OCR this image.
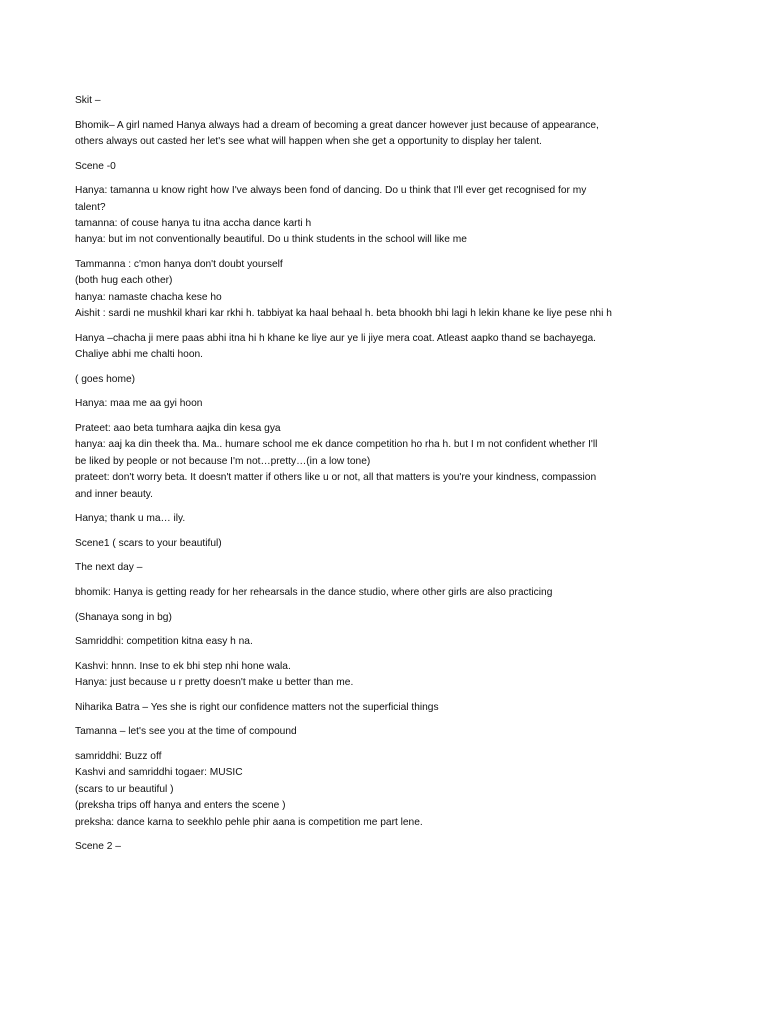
Skit –
Bhomik– A girl named Hanya always had a dream of becoming a great dancer however just because of appearance,
others always out casted her let's see what will happen when she get a opportunity to display her talent.
Scene -0
Hanya: tamanna u know right how I've always been fond of dancing. Do u think that I'll ever get recognised for my
talent?
tamanna: of couse hanya tu itna accha dance karti h
hanya: but im not conventionally beautiful. Do u think students in the school will like me
Tammanna : c'mon hanya don't doubt yourself
(both hug each other)
hanya: namaste chacha kese ho
Aishit : sardi ne mushkil khari kar rkhi h. tabbiyat ka haal behaal h. beta bhookh bhi lagi h lekin khane ke liye pese nhi h
Hanya –chacha ji mere paas abhi itna hi h khane ke liye aur ye li jiye mera coat. Atleast aapko thand se bachayega.
Chaliye abhi me chalti hoon.
( goes home)
Hanya: maa me aa gyi hoon
Prateet: aao beta tumhara aajka din kesa gya
hanya: aaj ka din theek tha. Ma.. humare school me ek dance competition ho rha h. but I m not confident whether I'll
be liked by people or not because I'm not…pretty…(in a low tone)
prateet: don't worry beta. It doesn't matter if others like u or not, all that matters is you're your kindness, compassion
and inner beauty.
Hanya; thank u ma… ily.
Scene1 ( scars to your beautiful)
The next day –
bhomik: Hanya is getting ready for her rehearsals in the dance studio, where other girls are also practicing
(Shanaya song in bg)
Samriddhi: competition kitna easy h na.
Kashvi: hnnn. Inse to ek bhi step nhi hone wala.
Hanya: just because u r pretty doesn't make u better than me.
Niharika Batra – Yes she is right our confidence matters not the superficial things
Tamanna – let's see you at the time of compound
samriddhi: Buzz off
Kashvi and samriddhi togaer: MUSIC
(scars to ur beautiful )
(preksha trips off hanya and enters the scene )
preksha: dance karna to seekhlo pehle phir aana is competition me part lene.
Scene 2 –
